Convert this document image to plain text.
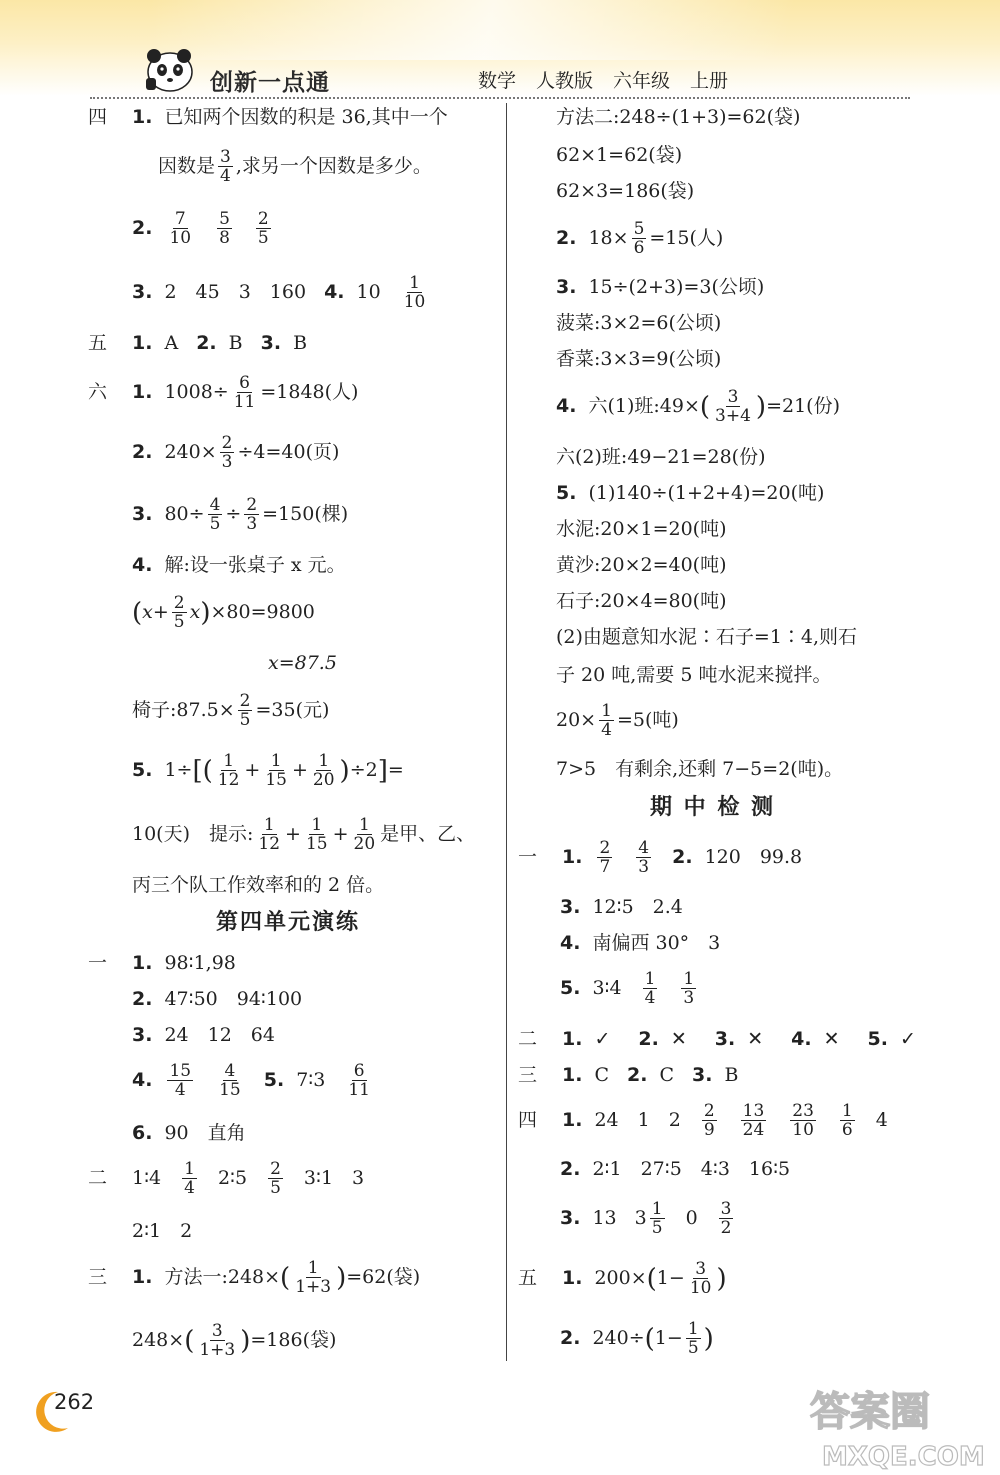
创新一点通	数学 人教版 六年级 上册
四	1. 已知两个因数的积是 36,其中一个
因数是 $\frac{3}{4}$ ,求另一个因数是多少。
2. $\frac{7}{10} \frac{5}{8} \frac{2}{5}$
3. 2　45　3　160 4. $10 \frac{1}{10}$
五	1. A 2. B 3. B
六	1. $1008\div \frac{6}{11} =1848$(人)
2. $240\times \frac{2}{3} \div 4=40$(页)
3. $80\div \frac{4}{5} \div \frac{2}{3} =150$(棵)
4. 解:设一张桌子 x 元。
( $x+ \frac{2}{5}$ x ) ×80=9800
x=87.5
椅子:87.5× $\frac{2}{5} =35$(元)
5. 1÷ [ ( $\frac{1}{12} + \frac{1}{15} + \frac{1}{20}$ ) ÷2 ] =
10(天)　提示: $\frac{1}{12} + \frac{1}{15} + \frac{1}{20}$ 是甲、乙、
丙三个队工作效率和的 2 倍。
第四单元演练
一	1. 98∶1,98
2. 47∶50　94∶100
3. 24　12　64
4. $\frac{15}{4} \frac{4}{15} 5$. 7∶3 $\frac{6}{11}$
6. 90　直角
二	1∶4 $\frac{1}{4}$ 2∶5 $\frac{2}{5}$ 3∶1　3
2∶1　2
三	1. 方法一:248× ( $\frac{1}{1+3}$ ) =62(袋)
248× ( $\frac{3}{1+3}$ ) =186(袋)
方法二:248÷(1+3)=62(袋)
62×1=62(袋)
62×3=186(袋)
2. $18\times \frac{5}{6} =15$(人)
3. 15÷(2+3)=3(公顷)
菠菜:3×2=6(公顷)
香菜:3×3=9(公顷)
4. 六(1)班:49× ( $\frac{3}{3+4}$ ) =21(份)
六(2)班:49−21=28(份)
5. (1)140÷(1+2+4)=20(吨)
水泥:20×1=20(吨)
黄沙:20×2=40(吨)
石子:20×4=80(吨)
(2)由题意知水泥∶石子=1∶4,则石
子 20 吨,需要 5 吨水泥来搅拌。
$20\times \frac{1}{4} =5$(吨)
7>5　有剩余,还剩 7−5=2(吨)。
期 中 检 测
一	1. $\frac{2}{7} \frac{4}{3} 2$. 120　99.8
3. 12∶5　2.4
4. 南偏西 30°　3
5. 3∶4 $\frac{1}{4} \frac{1}{3}$
二	1. ✓ 2. ✕ 3. ✕ 4. ✕ 5. ✓
三	1. C 2. C 3. B
四	1. 24　1　$2 \frac{2}{9} \frac{13}{24} \frac{23}{10} \frac{1}{6} 4$
2. 2∶1　27∶5　4∶3　16∶5
3. 13 $3 \frac{1}{5} 0 \frac{3}{2}$
五	1. 200× ( $1- \frac{3}{10}$ )
2. 240÷ ( $1- \frac{1}{5}$ )
262	答案圈
MXQE.COM
